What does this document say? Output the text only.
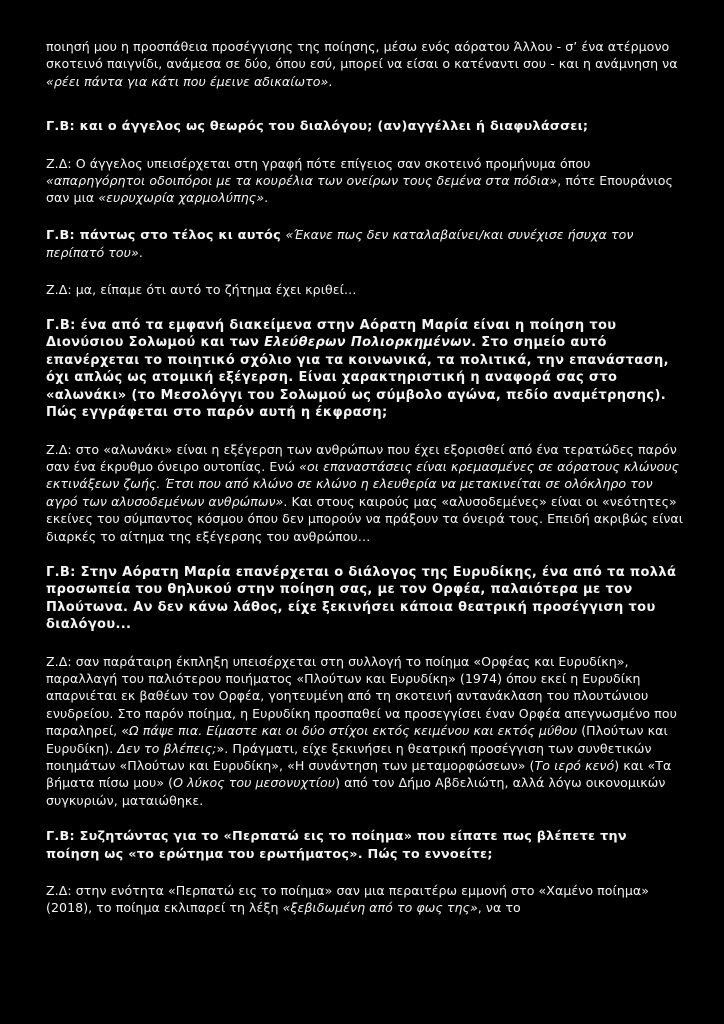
ποιησή μου η προσπάθεια προσέγγισης της ποίησης, μέσω ενός αόρατου Άλλου - σ’ ένα ατέρμονο σκοτεινό παιγνίδι, ανάμεσα σε δύο, όπου εσύ, μπορεί να είσαι ο κατέναντι σου - και η ανάμνηση να «ρέει πάντα για κάτι που έμεινε αδικαίωτο».

Γ.Β: και ο άγγελος ως θεωρός του διαλόγου; (αν)αγγέλλει ή διαφυλάσσει;

Ζ.Δ: Ο άγγελος υπεισέρχεται στη γραφή πότε επίγειος σαν σκοτεινό προμήνυμα όπου «απαρηγόρητοι οδοιπόροι με τα κουρέλια των ονείρων τους δεμένα στα πόδια», πότε Επουράνιος σαν μια «ευρυχωρία χαρμολύπης».

Γ.Β: πάντως στο τέλος κι αυτός «Έκανε πως δεν καταλαβαίνει/και συνέχισε ήσυχα τον περίπατό του».

Ζ.Δ: μα, είπαμε ότι αυτό το ζήτημα έχει κριθεί…

Γ.Β: ένα από τα εμφανή διακείμενα στην Αόρατη Μαρία είναι η ποίηση του Διονύσιου Σολωμού και των Ελεύθερων Πολιορκημένων. Στο σημείο αυτό επανέρχεται το ποιητικό σχόλιο για τα κοινωνικά, τα πολιτικά, την επανάσταση, όχι απλώς ως ατομική εξέγερση. Είναι χαρακτηριστική η αναφορά σας στο «αλωνάκι» (το Μεσολόγγι του Σολωμού ως σύμβολο αγώνα, πεδίο αναμέτρησης). Πώς εγγράφεται στο παρόν αυτή η έκφραση;

Ζ.Δ: στο «αλωνάκι» είναι η εξέγερση των ανθρώπων που έχει εξορισθεί από ένα τερατώδες παρόν σαν ένα έκρυθμο όνειρο ουτοπίας. Ενώ «οι επαναστάσεις είναι κρεμασμένες σε αόρατους κλώνους εκτινάξεων ζωής. Έτσι που από κλώνο σε κλώνο η ελευθερία να μετακινείται σε ολόκληρο τον αγρό των αλυσοδεμένων ανθρώπων». Και στους καιρούς μας «αλυσοδεμένες» είναι οι «νεότητες» εκείνες του σύμπαντος κόσμου όπου δεν μπορούν να πράξουν τα όνειρά τους. Επειδή ακριβώς είναι διαρκές το αίτημα της εξέγερσης του ανθρώπου…

Γ.Β: Στην Αόρατη Μαρία επανέρχεται ο διάλογος της Ευρυδίκης, ένα από τα πολλά προσωπεία του θηλυκού στην ποίηση σας, με τον Ορφέα, παλαιότερα με τον Πλούτωνα. Αν δεν κάνω λάθος, είχε ξεκινήσει κάποια θεατρική προσέγγιση του διαλόγου...

Ζ.Δ: σαν παράταιρη έκπληξη υπεισέρχεται στη συλλογή το ποίημα «Ορφέας και Ευρυδίκη», παραλλαγή του παλιότερου ποιήματος «Πλούτων και Ευρυδίκη» (1974) όπου εκεί η Ευρυδίκη απαρνιέται εκ βαθέων τον Ορφέα, γοητευμένη από τη σκοτεινή αντανάκλαση του πλουτώνιου ενυδρείου. Στο παρόν ποίημα, η Ευρυδίκη προσπαθεί να προσεγγίσει έναν Ορφέα απεγνωσμένο που παραληρεί, «Ω πάψε πια. Είμαστε και οι δύο στίχοι εκτός κειμένου και εκτός μύθου (Πλούτων και Ευρυδίκη). Δεν το βλέπεις;». Πράγματι, είχε ξεκινήσει η θεατρική προσέγγιση των συνθετικών ποιημάτων «Πλούτων και Ευρυδίκη», «Η συνάντηση των μεταμορφώσεων» (Το ιερό κενό) και «Τα βήματα πίσω μου» (Ο λύκος του μεσονυχτίου) από τον Δήμο Αβδελιώτη, αλλά λόγω οικονομικών συγκυριών, ματαιώθηκε.

Γ.Β: Συζητώντας για το «Περπατώ εις το ποίημα» που είπατε πως βλέπετε την ποίηση ως «το ερώτημα του ερωτήματος». Πώς το εννοείτε;

Ζ.Δ: στην ενότητα «Περπατώ εις το ποίημα» σαν μια περαιτέρω εμμονή στο «Χαμένο ποίημα» (2018), το ποίημα εκλιπαρεί τη λέξη «ξεβιδωμένη από το φως της», να το
